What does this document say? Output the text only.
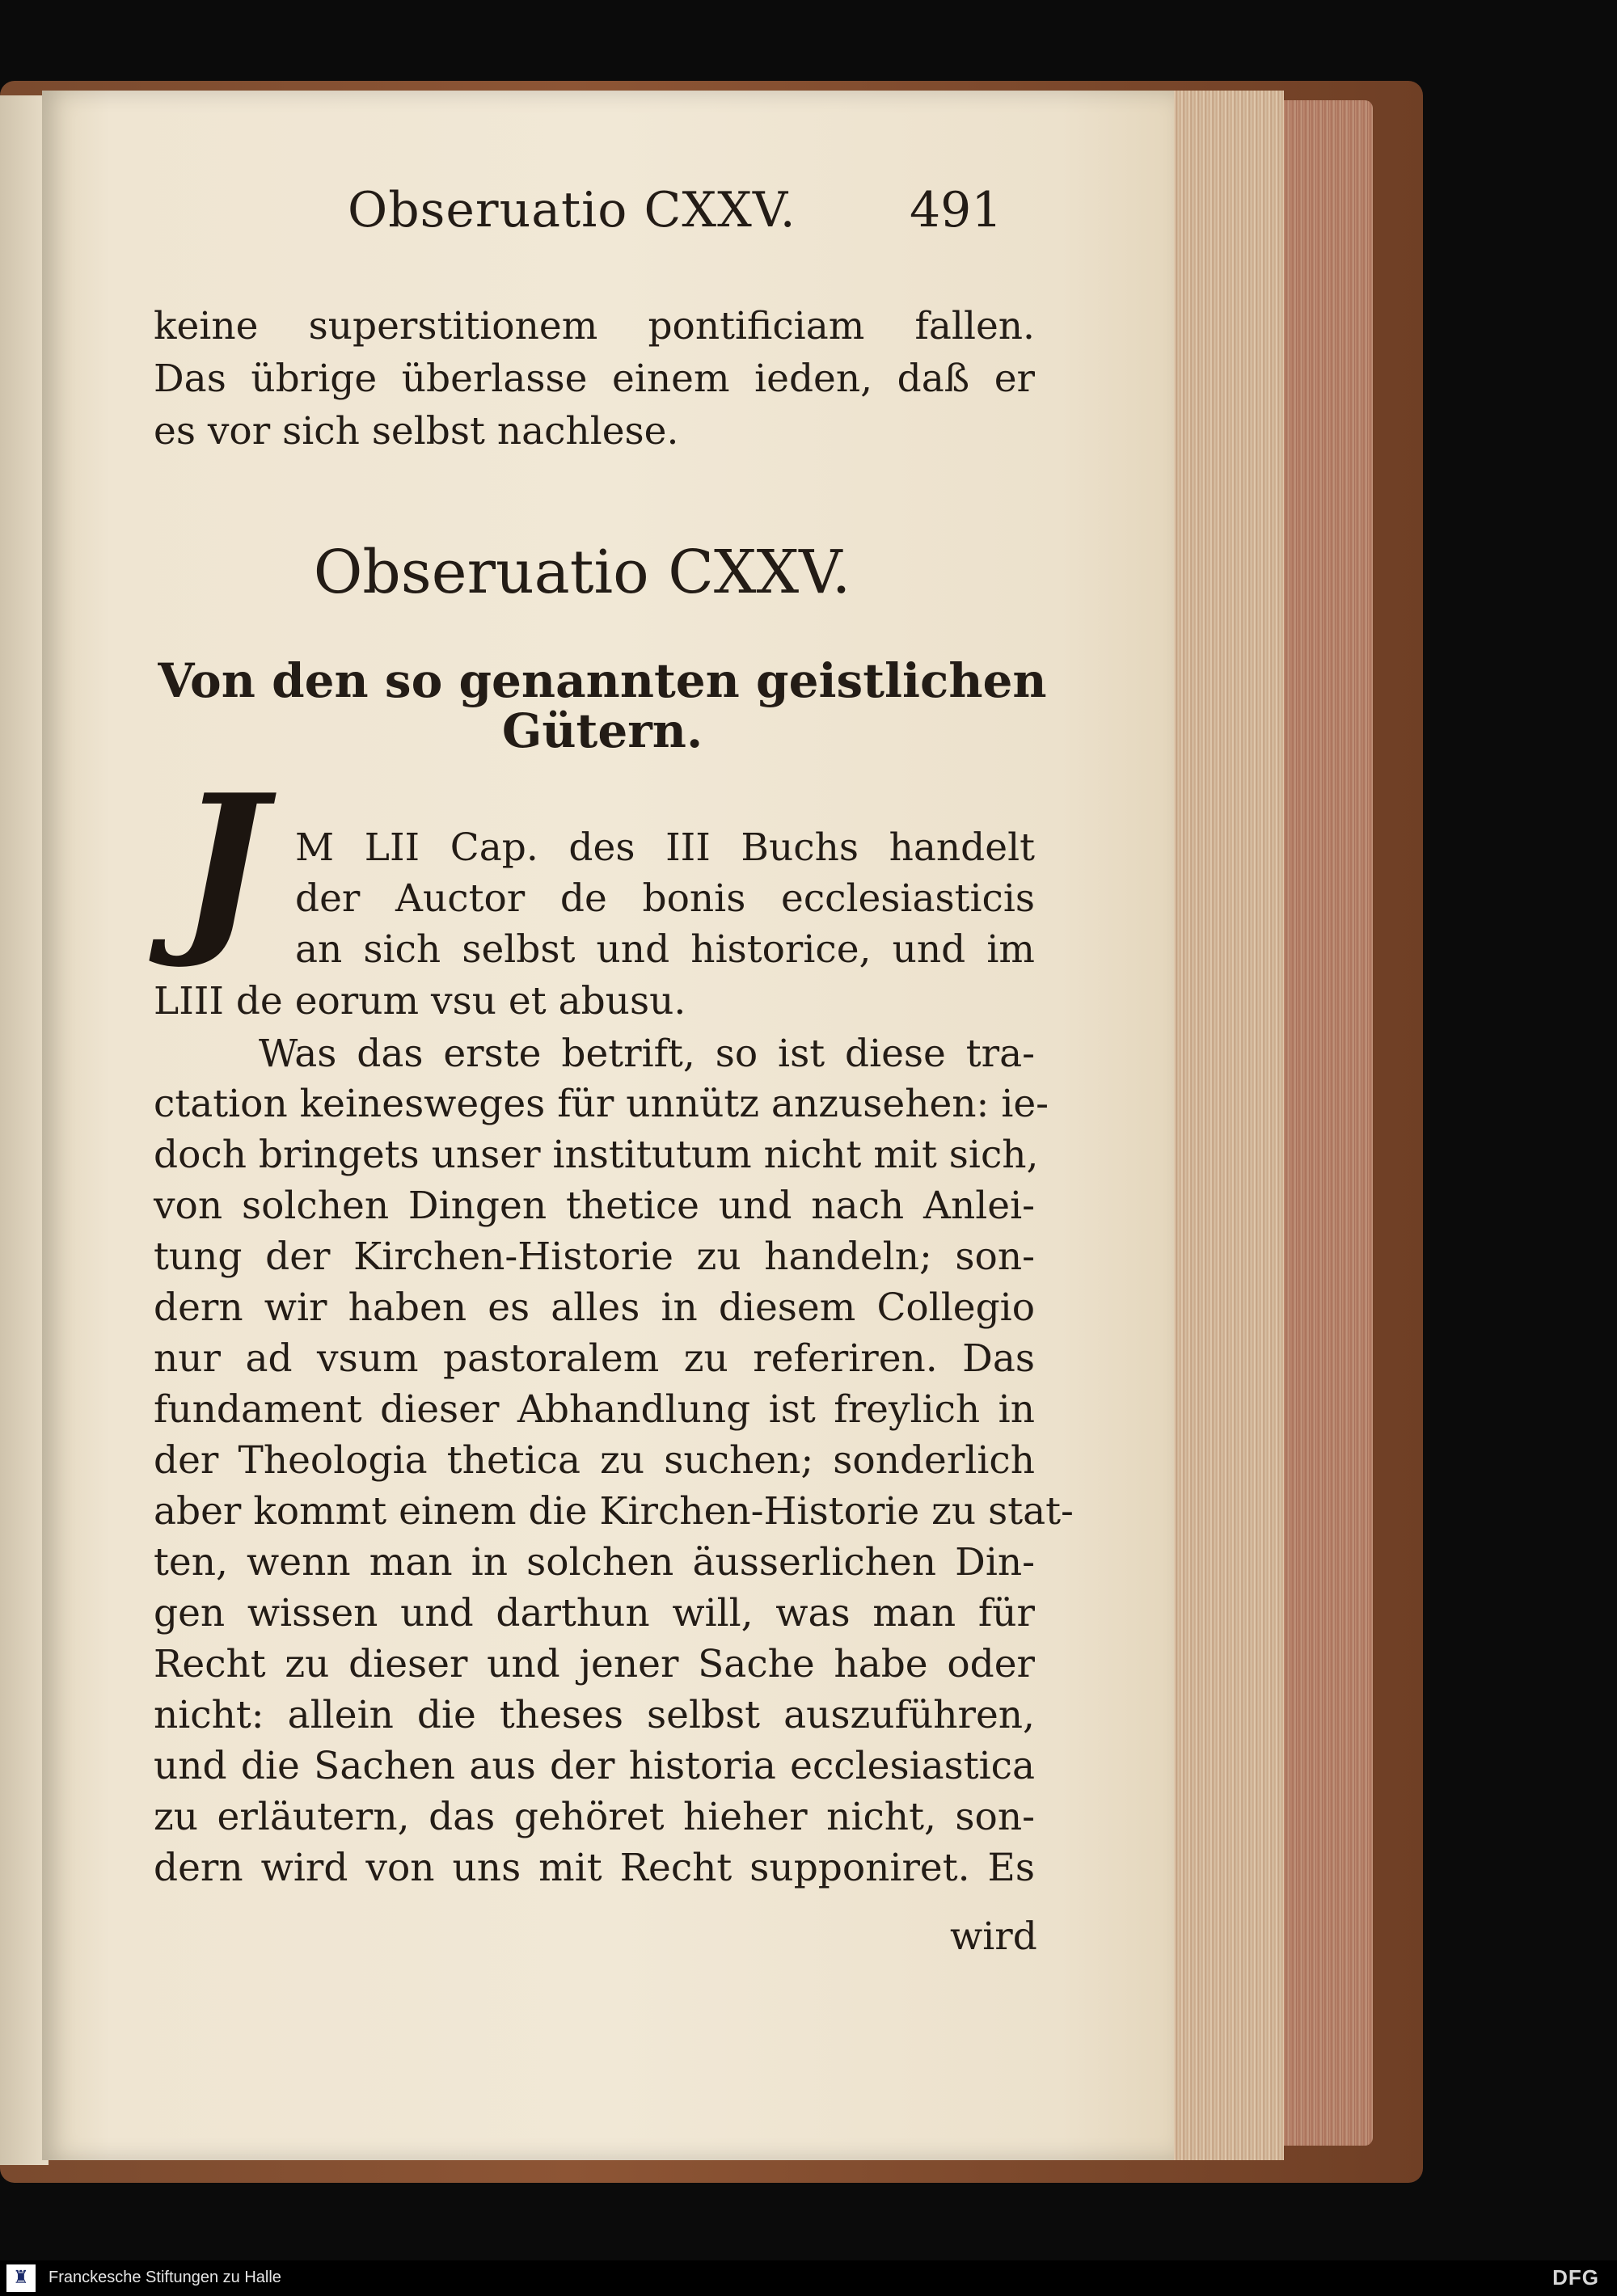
Obseruatio CXXV. 491
keine superstitionem pontificiam fallen.
Das übrige überlasse einem ieden, daß er
es vor sich selbst nachlese.
Obseruatio CXXV.
Von den so genannten geistlichen
Gütern.
J M LII Cap. des III Buchs handelt
der Auctor de bonis ecclesiasticis
an sich selbst und historice, und im
LIII de eorum vsu et abusu.
Was das erste betrift, so ist diese tra-
ctation keinesweges für unnütz anzusehen: ie-
doch bringets unser institutum nicht mit sich,
von solchen Dingen thetice und nach Anlei-
tung der Kirchen-Historie zu handeln; son-
dern wir haben es alles in diesem Collegio
nur ad vsum pastoralem zu referiren. Das
fundament dieser Abhandlung ist freylich in
der Theologia thetica zu suchen; sonderlich
aber kommt einem die Kirchen-Historie zu stat-
ten, wenn man in solchen äusserlichen Din-
gen wissen und darthun will, was man für
Recht zu dieser und jener Sache habe oder
nicht: allein die theses selbst auszuführen,
und die Sachen aus der historia ecclesiastica
zu erläutern, das gehöret hieher nicht, son-
dern wird von uns mit Recht supponiret. Es
wird
♜	Franckesche Stiftungen zu Halle	DFG
